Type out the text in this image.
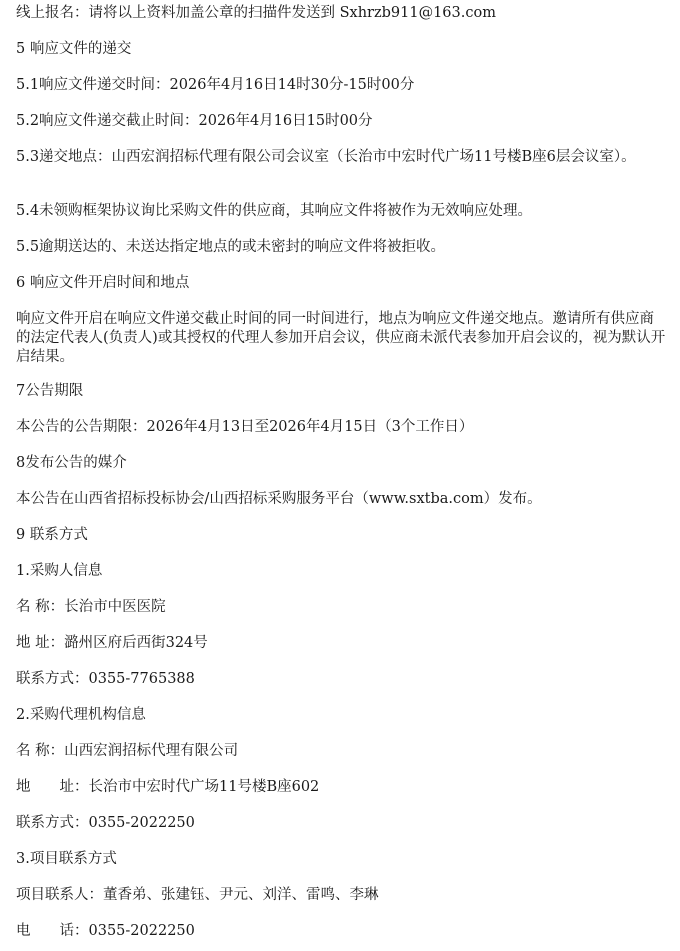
线上报名：请将以上资料加盖公章的扫描件发送到 Sxhrzb911@163.com
5 响应文件的递交
5.1响应文件递交时间：2026年4月16日14时30分-15时00分
5.2响应文件递交截止时间：2026年4月16日15时00分
5.3递交地点：山西宏润招标代理有限公司会议室（长治市中宏时代广场11号楼B座6层会议室）。
5.4未领购框架协议询比采购文件的供应商，其响应文件将被作为无效响应处理。
5.5逾期送达的、未送达指定地点的或未密封的响应文件将被拒收。
6 响应文件开启时间和地点
响应文件开启在响应文件递交截止时间的同一时间进行，地点为响应文件递交地点。邀请所有供应商的法定代表人(负责人)或其授权的代理人参加开启会议，供应商未派代表参加开启会议的，视为默认开启结果。
7公告期限
本公告的公告期限：2026年4月13日至2026年4月15日（3个工作日）
8发布公告的媒介
本公告在山西省招标投标协会/山西招标采购服务平台（www.sxtba.com）发布。
9 联系方式
1.采购人信息
名 称：长治市中医医院
地 址：潞州区府后西街324号
联系方式：0355-7765388
2.采购代理机构信息
名 称：山西宏润招标代理有限公司
地　　址：长治市中宏时代广场11号楼B座602
联系方式：0355-2022250
3.项目联系方式
项目联系人：董香弟、张建钰、尹元、刘洋、雷鸣、李琳
电　　话：0355-2022250
